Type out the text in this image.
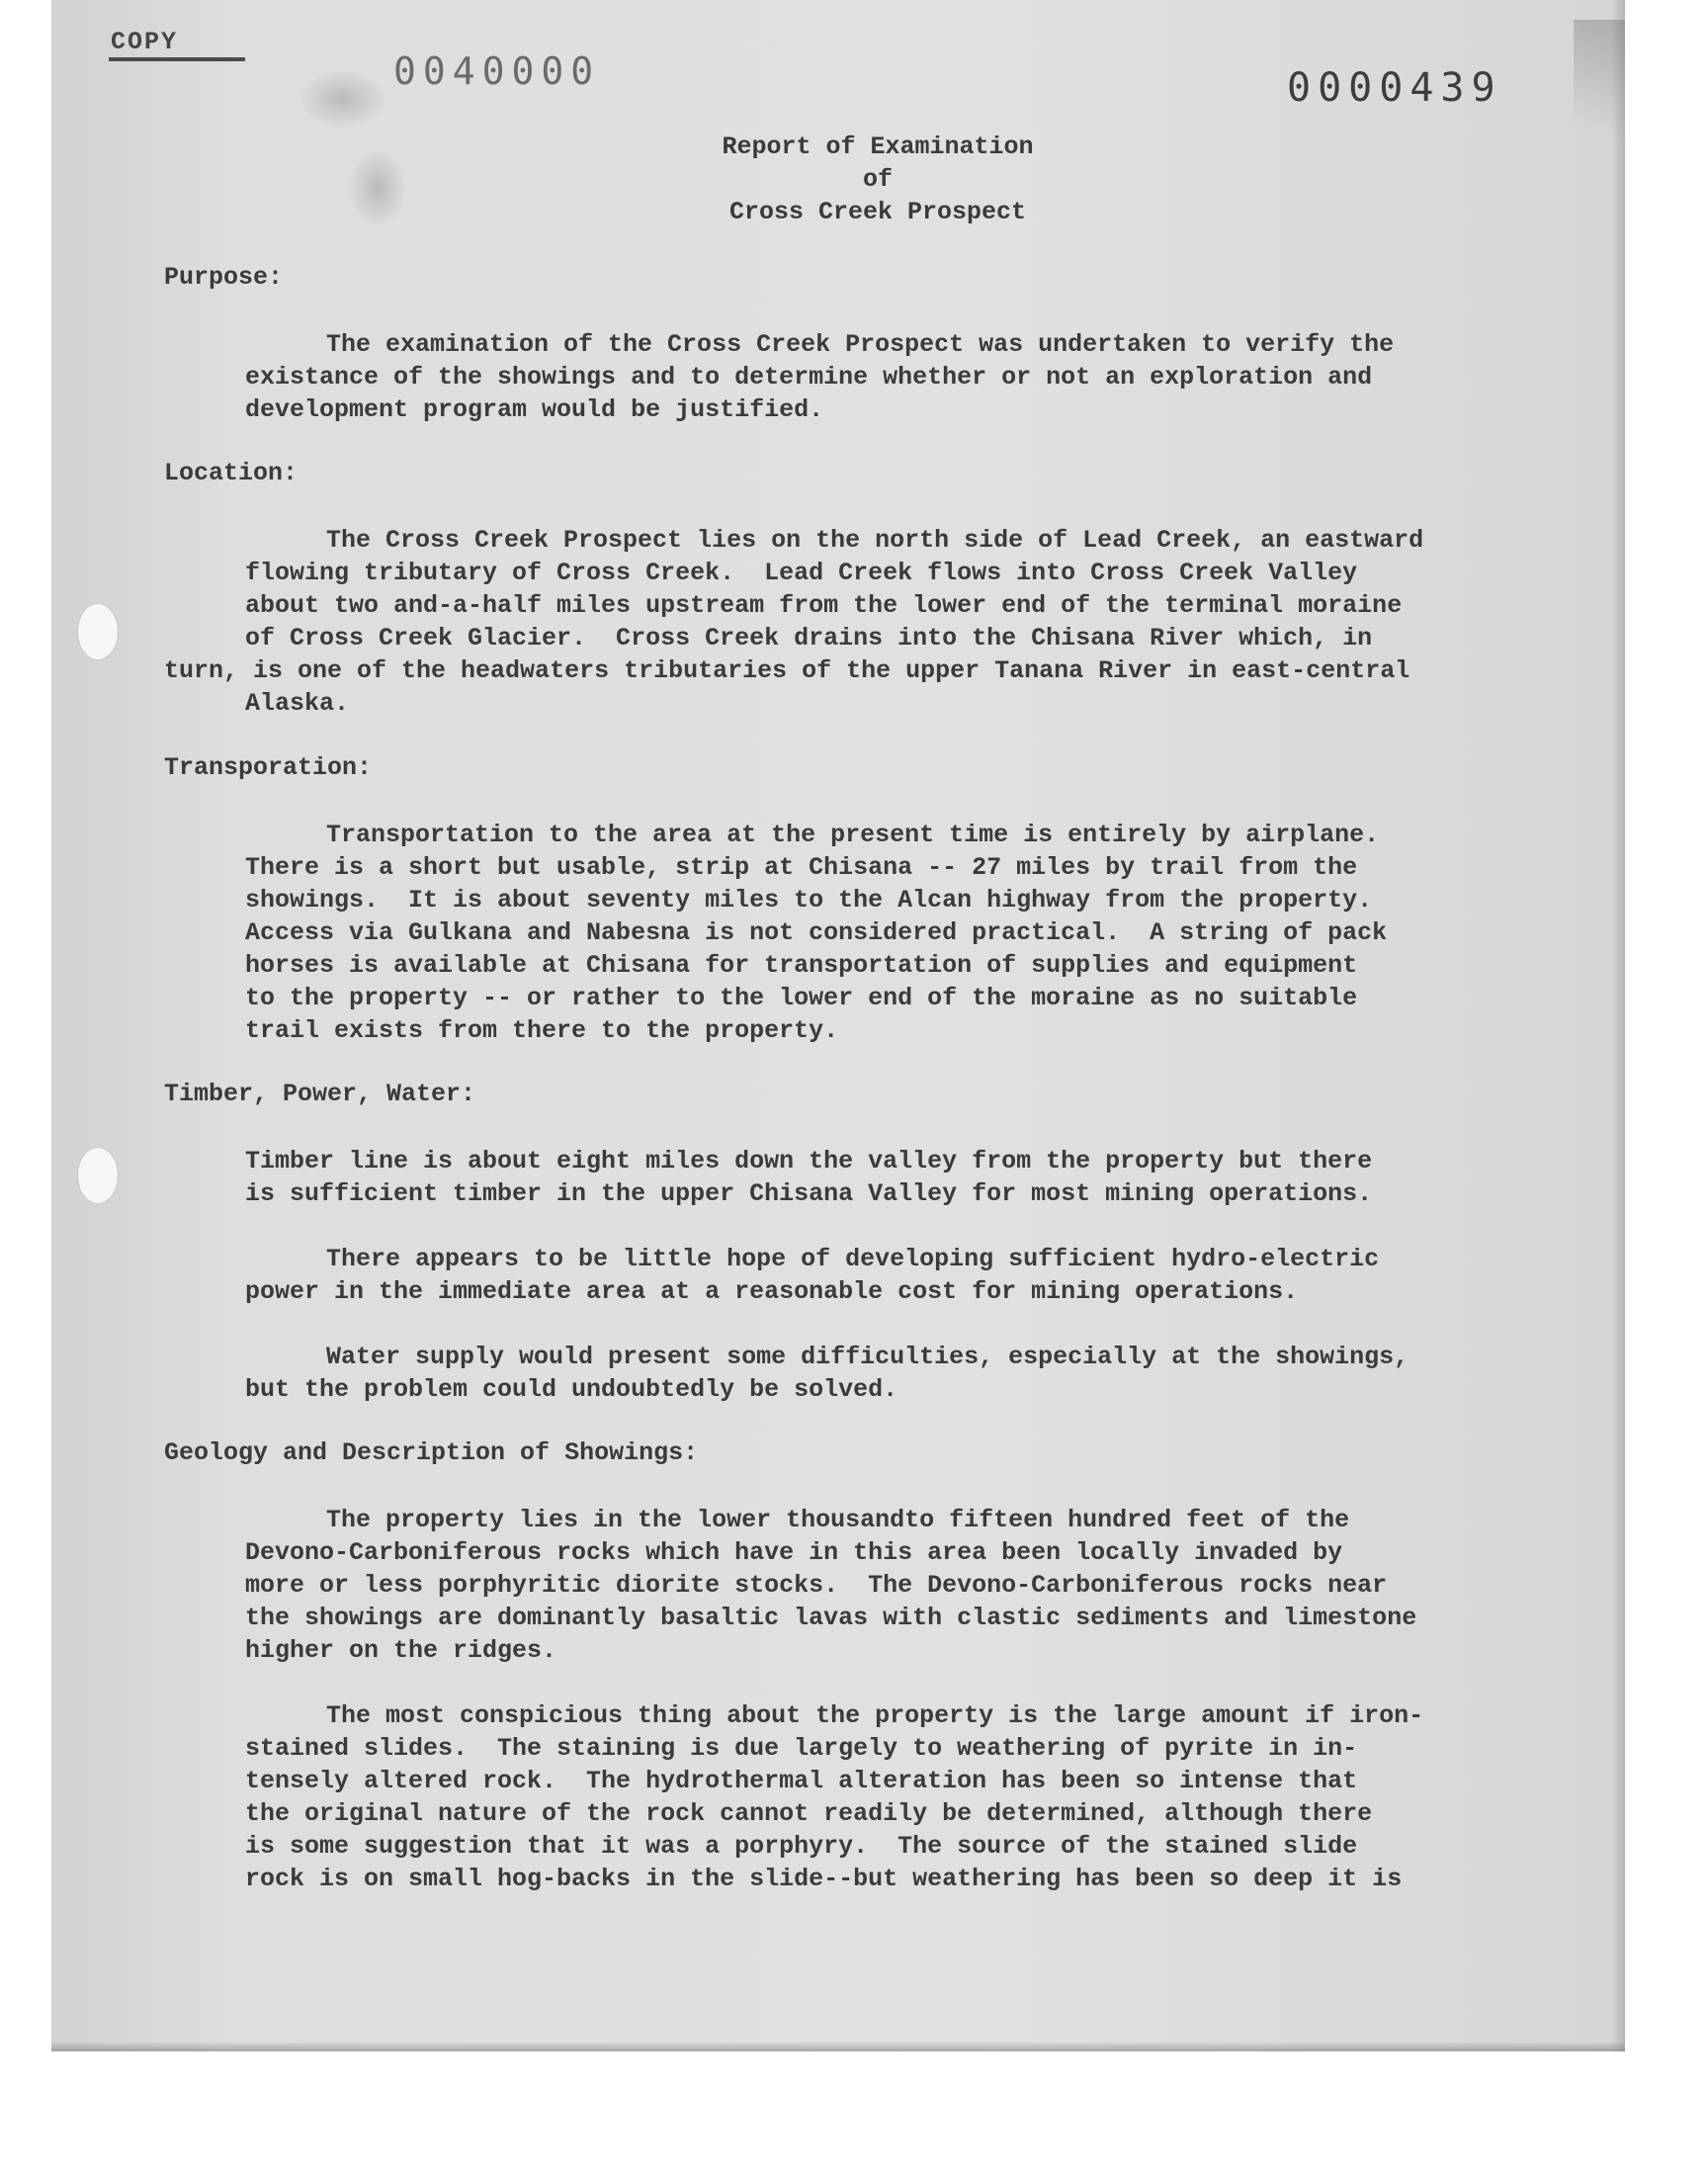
COPY
0040000	0000439
Report of Examination
of
Cross Creek Prospect
Purpose:
The examination of the Cross Creek Prospect was undertaken to verify the
existance of the showings and to determine whether or not an exploration and
development program would be justified.
Location:
The Cross Creek Prospect lies on the north side of Lead Creek, an eastward
flowing tributary of Cross Creek.  Lead Creek flows into Cross Creek Valley
about two and-a-half miles upstream from the lower end of the terminal moraine
of Cross Creek Glacier.  Cross Creek drains into the Chisana River which, in
turn, is one of the headwaters tributaries of the upper Tanana River in east-central
Alaska.
Transporation:
Transportation to the area at the present time is entirely by airplane.
There is a short but usable, strip at Chisana -- 27 miles by trail from the
showings.  It is about seventy miles to the Alcan highway from the property.
Access via Gulkana and Nabesna is not considered practical.  A string of pack
horses is available at Chisana for transportation of supplies and equipment
to the property -- or rather to the lower end of the moraine as no suitable
trail exists from there to the property.
Timber, Power, Water:
Timber line is about eight miles down the valley from the property but there
is sufficient timber in the upper Chisana Valley for most mining operations.
There appears to be little hope of developing sufficient hydro-electric
power in the immediate area at a reasonable cost for mining operations.
Water supply would present some difficulties, especially at the showings,
but the problem could undoubtedly be solved.
Geology and Description of Showings:
The property lies in the lower thousandto fifteen hundred feet of the
Devono-Carboniferous rocks which have in this area been locally invaded by
more or less porphyritic diorite stocks.  The Devono-Carboniferous rocks near
the showings are dominantly basaltic lavas with clastic sediments and limestone
higher on the ridges.
The most conspicious thing about the property is the large amount if iron-
stained slides.  The staining is due largely to weathering of pyrite in in-
tensely altered rock.  The hydrothermal alteration has been so intense that
the original nature of the rock cannot readily be determined, although there
is some suggestion that it was a porphyry.  The source of the stained slide
rock is on small hog-backs in the slide--but weathering has been so deep it is
